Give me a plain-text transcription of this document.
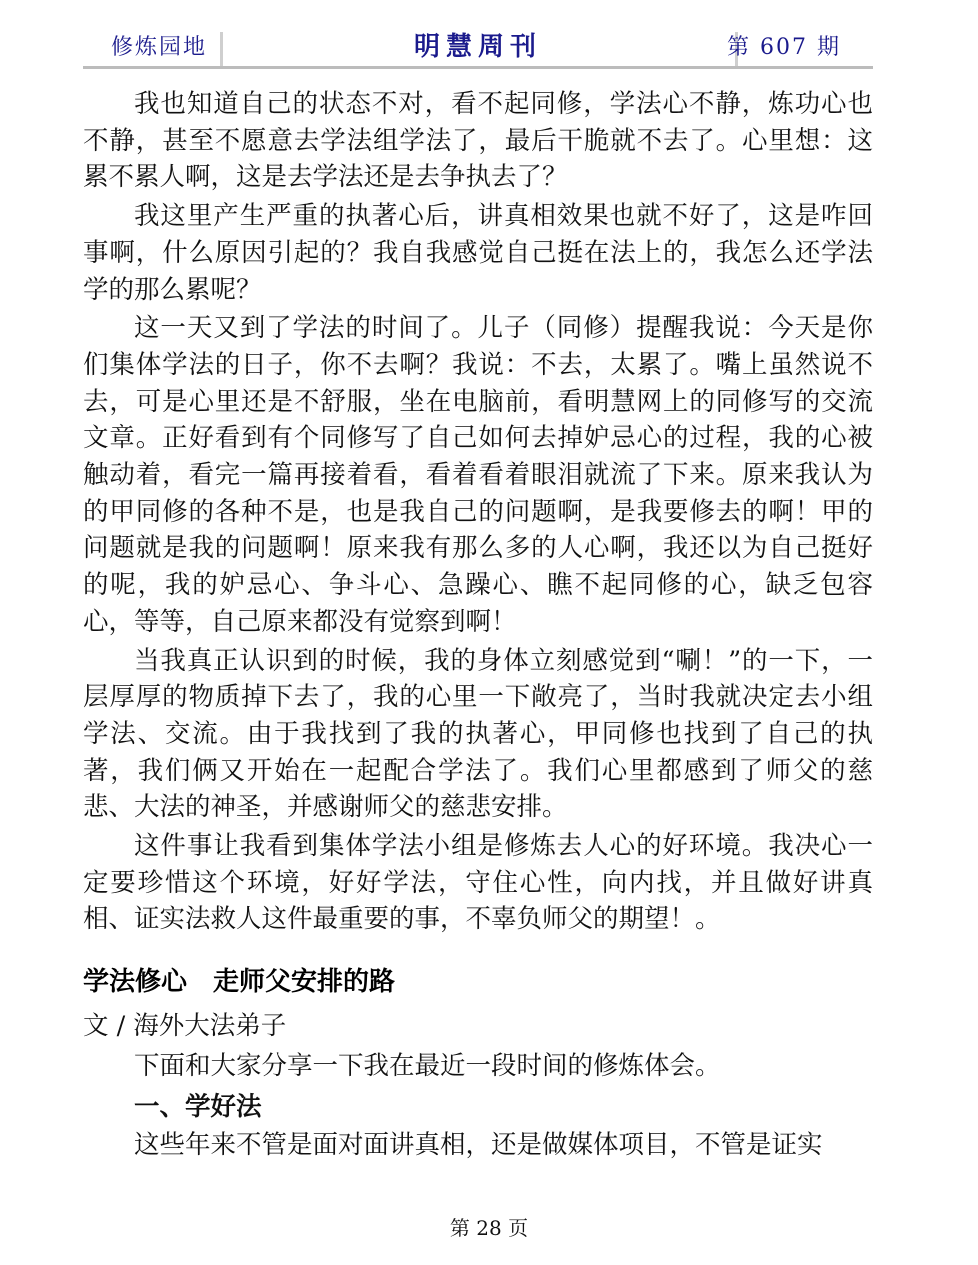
修炼园地	明慧周刊	第 607 期

我也知道自己的状态不对，看不起同修，学法心不静，炼功心也不静，甚至不愿意去学法组学法了，最后干脆就不去了。心里想：这累不累人啊，这是去学法还是去争执去了？

我这里产生严重的执著心后，讲真相效果也就不好了，这是咋回事啊，什么原因引起的？我自我感觉自己挺在法上的，我怎么还学法学的那么累呢？

这一天又到了学法的时间了。儿子（同修）提醒我说：今天是你们集体学法的日子，你不去啊？我说：不去，太累了。嘴上虽然说不去，可是心里还是不舒服，坐在电脑前，看明慧网上的同修写的交流文章。正好看到有个同修写了自己如何去掉妒忌心的过程，我的心被触动着，看完一篇再接着看，看着看着眼泪就流了下来。原来我认为的甲同修的各种不是，也是我自己的问题啊，是我要修去的啊！甲的问题就是我的问题啊！原来我有那么多的人心啊，我还以为自己挺好的呢，我的妒忌心、争斗心、急躁心、瞧不起同修的心，缺乏包容心，等等，自己原来都没有觉察到啊！

当我真正认识到的时候，我的身体立刻感觉到“唰！”的一下，一层厚厚的物质掉下去了，我的心里一下敞亮了，当时我就决定去小组学法、交流。由于我找到了我的执著心，甲同修也找到了自己的执著，我们俩又开始在一起配合学法了。我们心里都感到了师父的慈悲、大法的神圣，并感谢师父的慈悲安排。

这件事让我看到集体学法小组是修炼去人心的好环境。我决心一定要珍惜这个环境，好好学法，守住心性，向内找，并且做好讲真相、证实法救人这件最重要的事，不辜负师父的期望！。

学法修心　走师父安排的路
文 / 海外大法弟子

下面和大家分享一下我在最近一段时间的修炼体会。

一、学好法

这些年来不管是面对面讲真相，还是做媒体项目，不管是证实

第 28 页
